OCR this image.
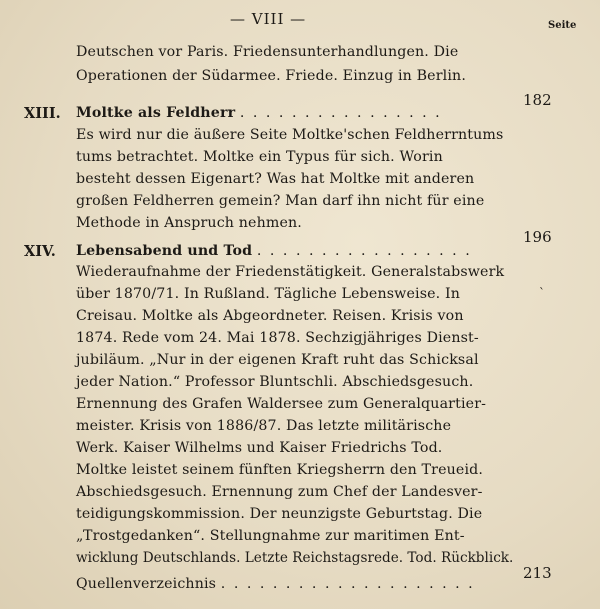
— VIII —	Seite
Deutschen vor Paris. Friedensunterhandlungen. Die
Operationen der Südarmee. Friede. Einzug in Berlin.
XIII. Moltke als Feldherr . . . . . . . . . . . . . . . .
182
Es wird nur die äußere Seite Moltke'schen Feldherrntums
tums betrachtet. Moltke ein Typus für sich. Worin
besteht dessen Eigenart? Was hat Moltke mit anderen
großen Feldherren gemein? Man darf ihn nicht für eine
Methode in Anspruch nehmen.
XIV. Lebensabend und Tod . . . . . . . . . . . . . . . . .
196
`
Wiederaufnahme der Friedenstätigkeit. Generalstabswerk
über 1870/71. In Rußland. Tägliche Lebensweise. In
Creisau. Moltke als Abgeordneter. Reisen. Krisis von
1874. Rede vom 24. Mai 1878. Sechzigjähriges Dienst-
jubiläum. „Nur in der eigenen Kraft ruht das Schicksal
jeder Nation.“ Professor Bluntschli. Abschiedsgesuch.
Ernennung des Grafen Waldersee zum Generalquartier-
meister. Krisis von 1886/87. Das letzte militärische
Werk. Kaiser Wilhelms und Kaiser Friedrichs Tod.
Moltke leistet seinem fünften Kriegsherrn den Treueid.
Abschiedsgesuch. Ernennung zum Chef der Landesver-
teidigungskommission. Der neunzigste Geburtstag. Die
„Trostgedanken“. Stellungnahme zur maritimen Ent-
wicklung Deutschlands. Letzte Reichstagsrede. Tod. Rückblick.
Quellenverzeichnis . . . . . . . . . . . . . . . . . . . .
213
